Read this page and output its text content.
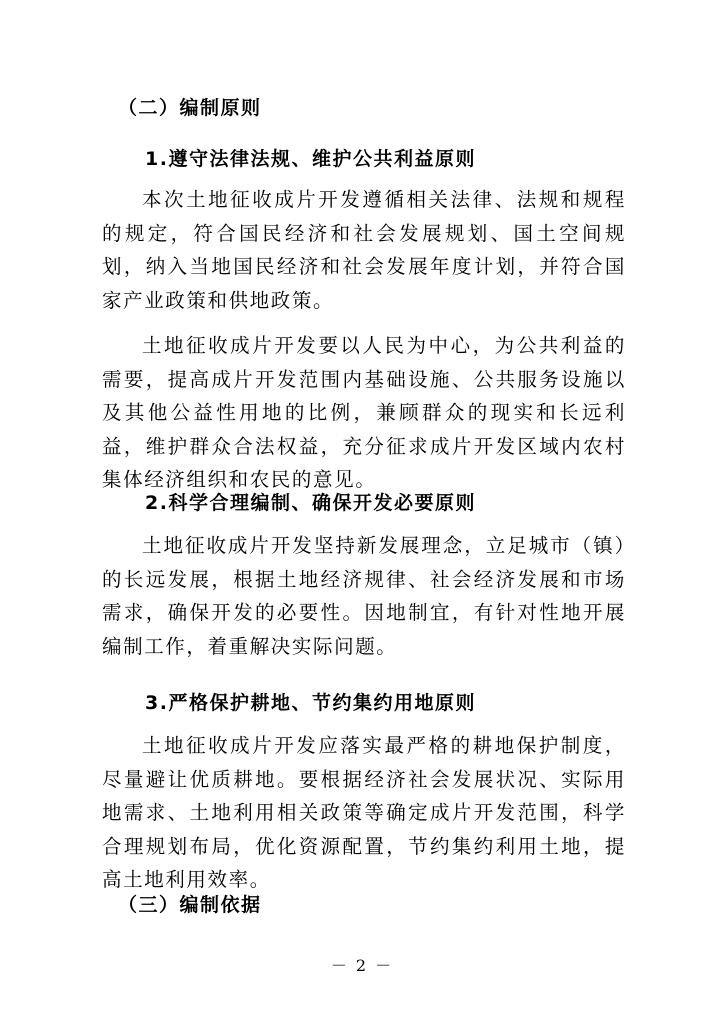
（二）编制原则
1.遵守法律法规、维护公共利益原则
本次土地征收成片开发遵循相关法律、法规和规程的规定，符合国民经济和社会发展规划、国土空间规划，纳入当地国民经济和社会发展年度计划，并符合国家产业政策和供地政策。
土地征收成片开发要以人民为中心，为公共利益的需要，提高成片开发范围内基础设施、公共服务设施以及其他公益性用地的比例，兼顾群众的现实和长远利益，维护群众合法权益，充分征求成片开发区域内农村集体经济组织和农民的意见。
2.科学合理编制、确保开发必要原则
土地征收成片开发坚持新发展理念，立足城市（镇）的长远发展，根据土地经济规律、社会经济发展和市场需求，确保开发的必要性。因地制宜，有针对性地开展编制工作，着重解决实际问题。
3.严格保护耕地、节约集约用地原则
土地征收成片开发应落实最严格的耕地保护制度，尽量避让优质耕地。要根据经济社会发展状况、实际用地需求、土地利用相关政策等确定成片开发范围，科学合理规划布局，优化资源配置，节约集约利用土地，提高土地利用效率。
（三）编制依据
－ 2 －
